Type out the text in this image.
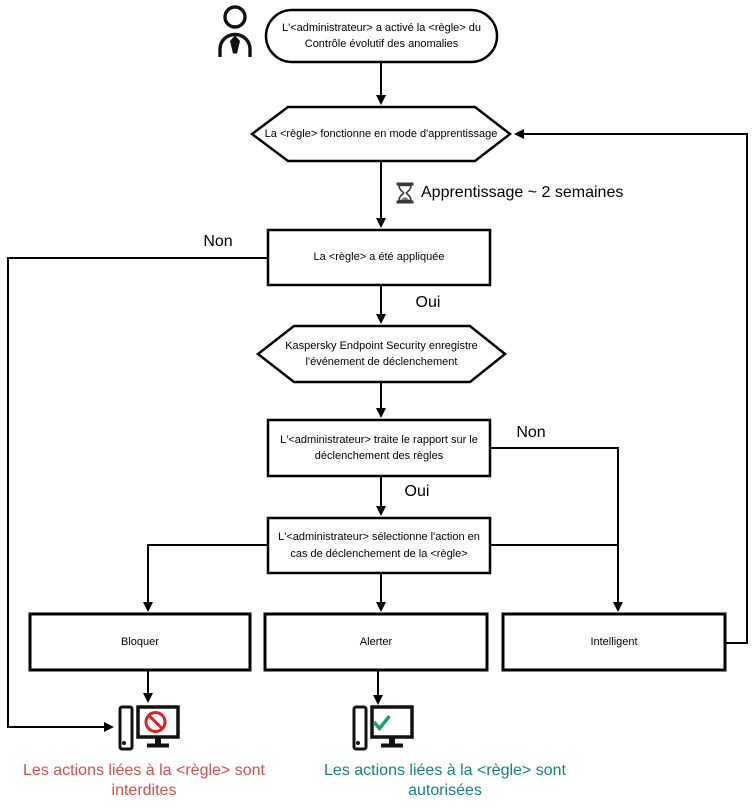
L'<administrateur> a activé la <règle> du Contrôle évolutif des anomalies
La <règle> fonctionne en mode d'apprentissage
La <règle> a été appliquée
Kaspersky Endpoint Security enregistre l'événement de déclenchement
L'<administrateur> traite le rapport sur le déclenchement des règles
L'<administrateur> sélectionne l'action en cas de déclenchement de la <règle>
Bloquer	Alerter	Intelligent
Apprentissage ~ 2 semaines
Non
Oui
Non
Oui
Les actions liées à la <règle> sont interdites
Les actions liées à la <règle> sont autorisées
